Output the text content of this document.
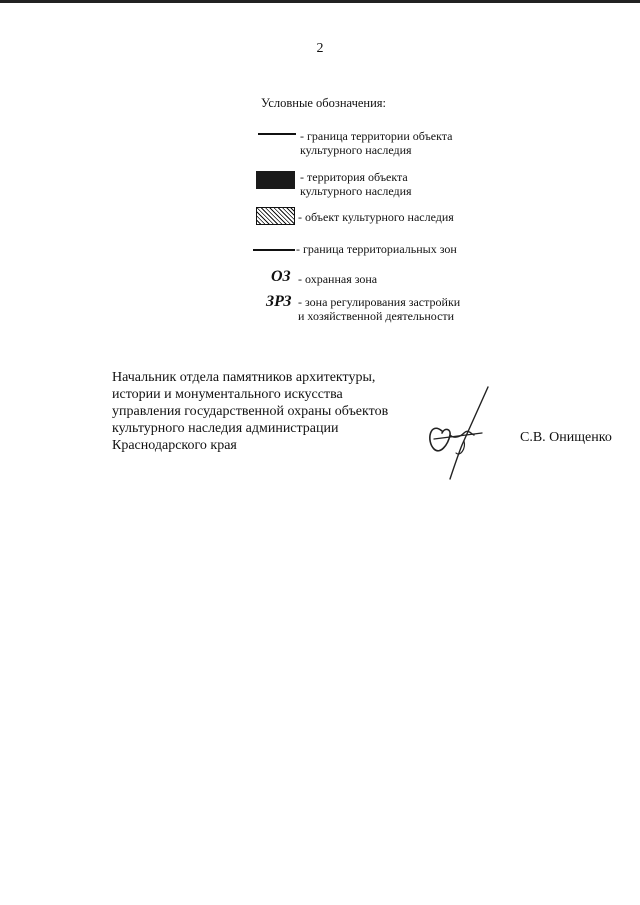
2
Условные обозначения:
- граница территории объекта
культурного наследия
- территория объекта
культурного наследия
- объект культурного наследия
- граница территориальных зон
ОЗ - охранная зона
ЗРЗ - зона регулирования застройки
и хозяйственной деятельности
Начальник отдела памятников архитектуры,
истории и монументального искусства
управления государственной охраны объектов
культурного наследия администрации
Краснодарского края
С.В. Онищенко
